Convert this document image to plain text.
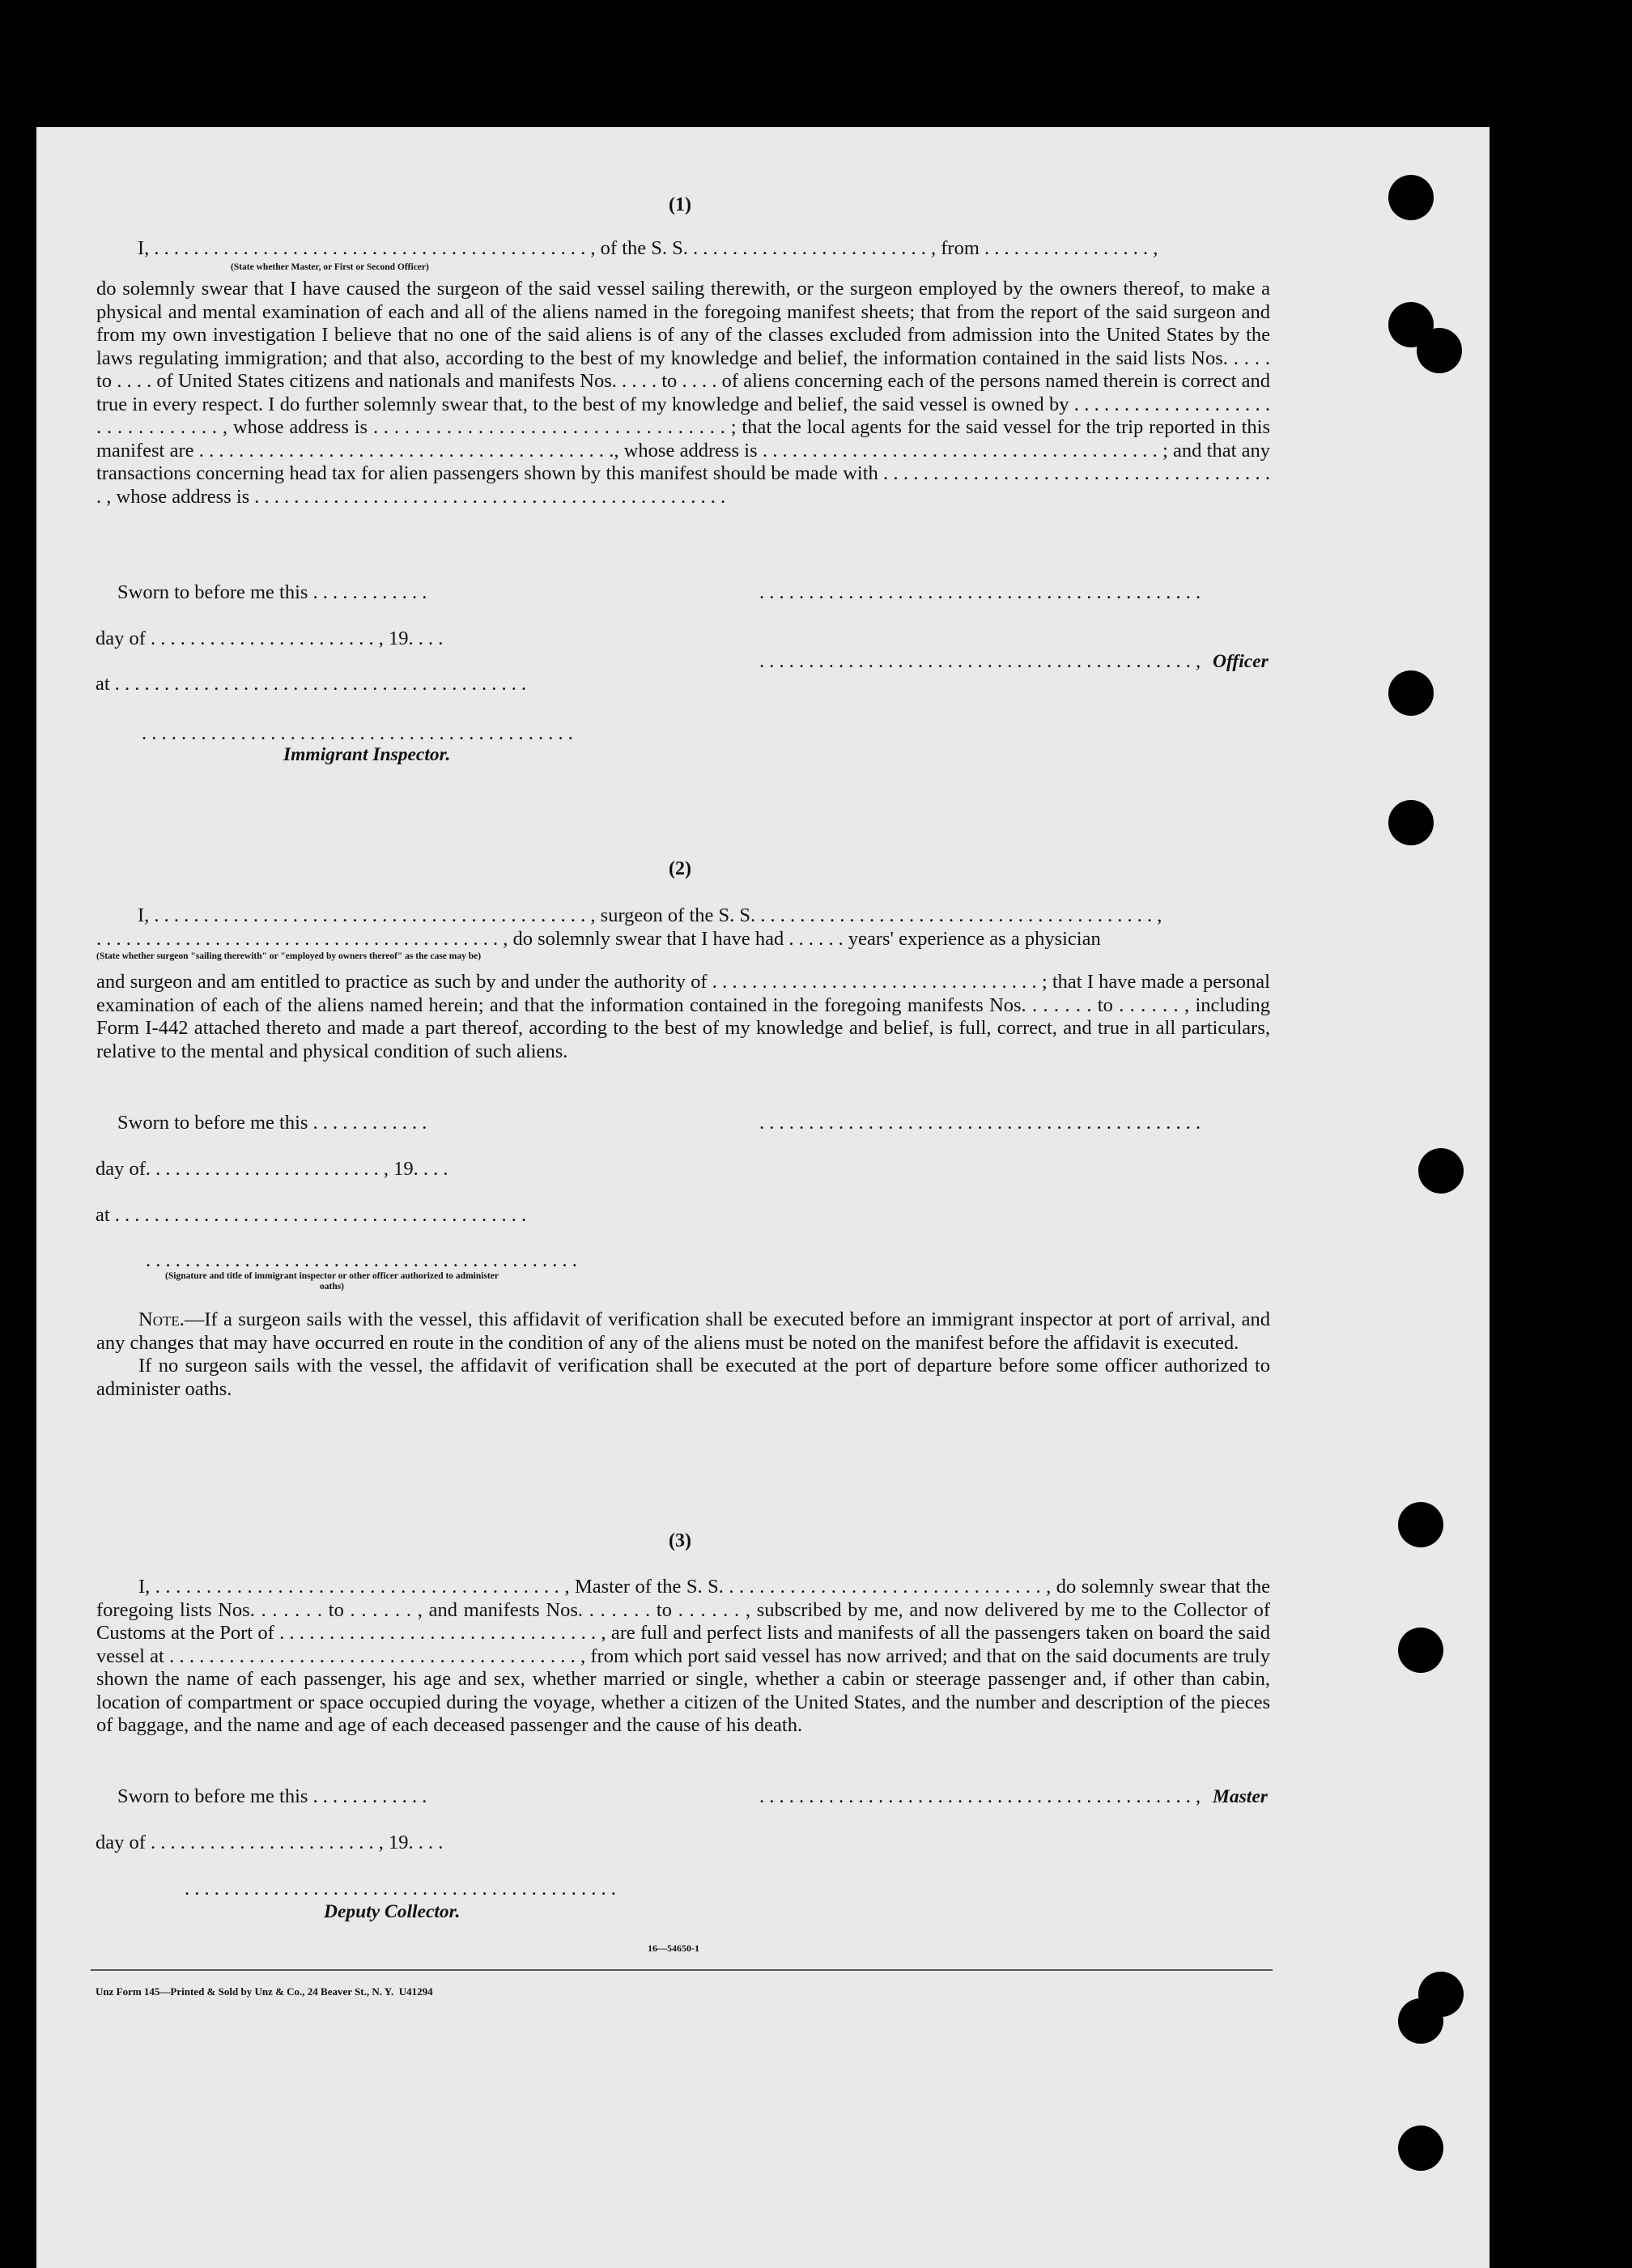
(1)
I, . . . . . . . . . . . . . . . . . . . . . . . . . . . . . . . . . . . . . . . . . . . . , of the S. S. . . . . . . . . . . . . . . . . . . . . . . . . , from . . . . . . . . . . . . . . . . . ,
(State whether Master, or First or Second Officer)

do solemnly swear that I have caused the surgeon of the said vessel sailing therewith, or the surgeon employed by the owners thereof, to make a physical and mental examination of each and all of the aliens named in the foregoing manifest sheets; that from the report of the said surgeon and from my own investigation I believe that no one of the said aliens is of any of the classes excluded from admission into the United States by the laws regulating immigration; and that also, according to the best of my knowledge and belief, the information contained in the said lists Nos. . . . . to . . . . of United States citizens and nationals and manifests Nos. . . . . to . . . . of aliens concerning each of the persons named therein is correct and true in every respect. I do further solemnly swear that, to the best of my knowledge and belief, the said vessel is owned by . . . . . . . . . . . . . . . . . . . . . . . . . . . . . . . . , whose address is . . . . . . . . . . . . . . . . . . . . . . . . . . . . . . . . . . ; that the local agents for the said vessel for the trip reported in this manifest are . . . . . . . . . . . . . . . . . . . . . . . . . . . . . . . . . . . . . . . . . ., whose address is . . . . . . . . . . . . . . . . . . . . . . . . . . . . . . . . . . . . . . . . ; and that any transactions concerning head tax for alien passengers shown by this manifest should be made with . . . . . . . . . . . . . . . . . . . . . . . . . . . . . . . . . . . . . . . . , whose address is . . . . . . . . . . . . . . . . . . . . . . . . . . . . . . . . . . . . . . . . . . . . . . . .

Sworn to before me this . . . . . . . . . . . .	. . . . . . . . . . . . . . . . . . . . . . . . . . . . . . . . . . . . . . . . . . . . .
day of . . . . . . . . . . . . . . . . . . . . . . . , 19. . . .
. . . . . . . . . . . . . . . . . . . . . . . . . . . . . . . . . . . . . . . . . . . . , Officer
at . . . . . . . . . . . . . . . . . . . . . . . . . . . . . . . . . . . . . . . . . .
. . . . . . . . . . . . . . . . . . . . . . . . . . . . . . . . . . . . . . . . . . . .
Immigrant Inspector.
(2)
I, . . . . . . . . . . . . . . . . . . . . . . . . . . . . . . . . . . . . . . . . . . . . , surgeon of the S. S. . . . . . . . . . . . . . . . . . . . . . . . . . . . . . . . . . . . . . . . . ,
. . . . . . . . . . . . . . . . . . . . . . . . . . . . . . . . . . . . . . . . . , do solemnly swear that I have had . . . . . . years' experience as a physician
(State whether surgeon "sailing therewith" or "employed by owners thereof" as the case may be)

and surgeon and am entitled to practice as such by and under the authority of . . . . . . . . . . . . . . . . . . . . . . . . . . . . . . . . . ; that I have made a personal examination of each of the aliens named herein; and that the information contained in the foregoing manifests Nos. . . . . . . to . . . . . . , including Form I-442 attached thereto and made a part thereof, according to the best of my knowledge and belief, is full, correct, and true in all particulars, relative to the mental and physical condition of such aliens.

Sworn to before me this . . . . . . . . . . . .	. . . . . . . . . . . . . . . . . . . . . . . . . . . . . . . . . . . . . . . . . . . . .
day of. . . . . . . . . . . . . . . . . . . . . . . . , 19. . . .
at . . . . . . . . . . . . . . . . . . . . . . . . . . . . . . . . . . . . . . . . . .
. . . . . . . . . . . . . . . . . . . . . . . . . . . . . . . . . . . . . . . . . . . .
(Signature and title of immigrant inspector or other officer authorized to administer oaths)

Note.—If a surgeon sails with the vessel, this affidavit of verification shall be executed before an immigrant inspector at port of arrival, and any changes that may have occurred en route in the condition of any of the aliens must be noted on the manifest before the affidavit is executed.

If no surgeon sails with the vessel, the affidavit of verification shall be executed at the port of departure before some officer authorized to administer oaths.

(3)

I, . . . . . . . . . . . . . . . . . . . . . . . . . . . . . . . . . . . . . . . . , Master of the S. S. . . . . . . . . . . . . . . . . . . . . . . . . . . . . . . . , do solemnly swear that the foregoing lists Nos. . . . . . . to . . . . . . , and manifests Nos. . . . . . . to . . . . . . , subscribed by me, and now delivered by me to the Collector of Customs at the Port of . . . . . . . . . . . . . . . . . . . . . . . . . . . . . . . . , are full and perfect lists and manifests of all the passengers taken on board the said vessel at . . . . . . . . . . . . . . . . . . . . . . . . . . . . . . . . . . . . . . . . . , from which port said vessel has now arrived; and that on the said documents are truly shown the name of each passenger, his age and sex, whether married or single, whether a cabin or steerage passenger and, if other than cabin, location of compartment or space occupied during the voyage, whether a citizen of the United States, and the number and description of the pieces of baggage, and the name and age of each deceased passenger and the cause of his death.

Sworn to before me this . . . . . . . . . . . .	. . . . . . . . . . . . . . . . . . . . . . . . . . . . . . . . . . . . . . . . . . . . , Master
day of . . . . . . . . . . . . . . . . . . . . . . . , 19. . . .
. . . . . . . . . . . . . . . . . . . . . . . . . . . . . . . . . . . . . . . . . . . .
Deputy Collector.
16—54650-1
Unz Form 145—Printed & Sold by Unz & Co., 24 Beaver St., N. Y.  U41294
